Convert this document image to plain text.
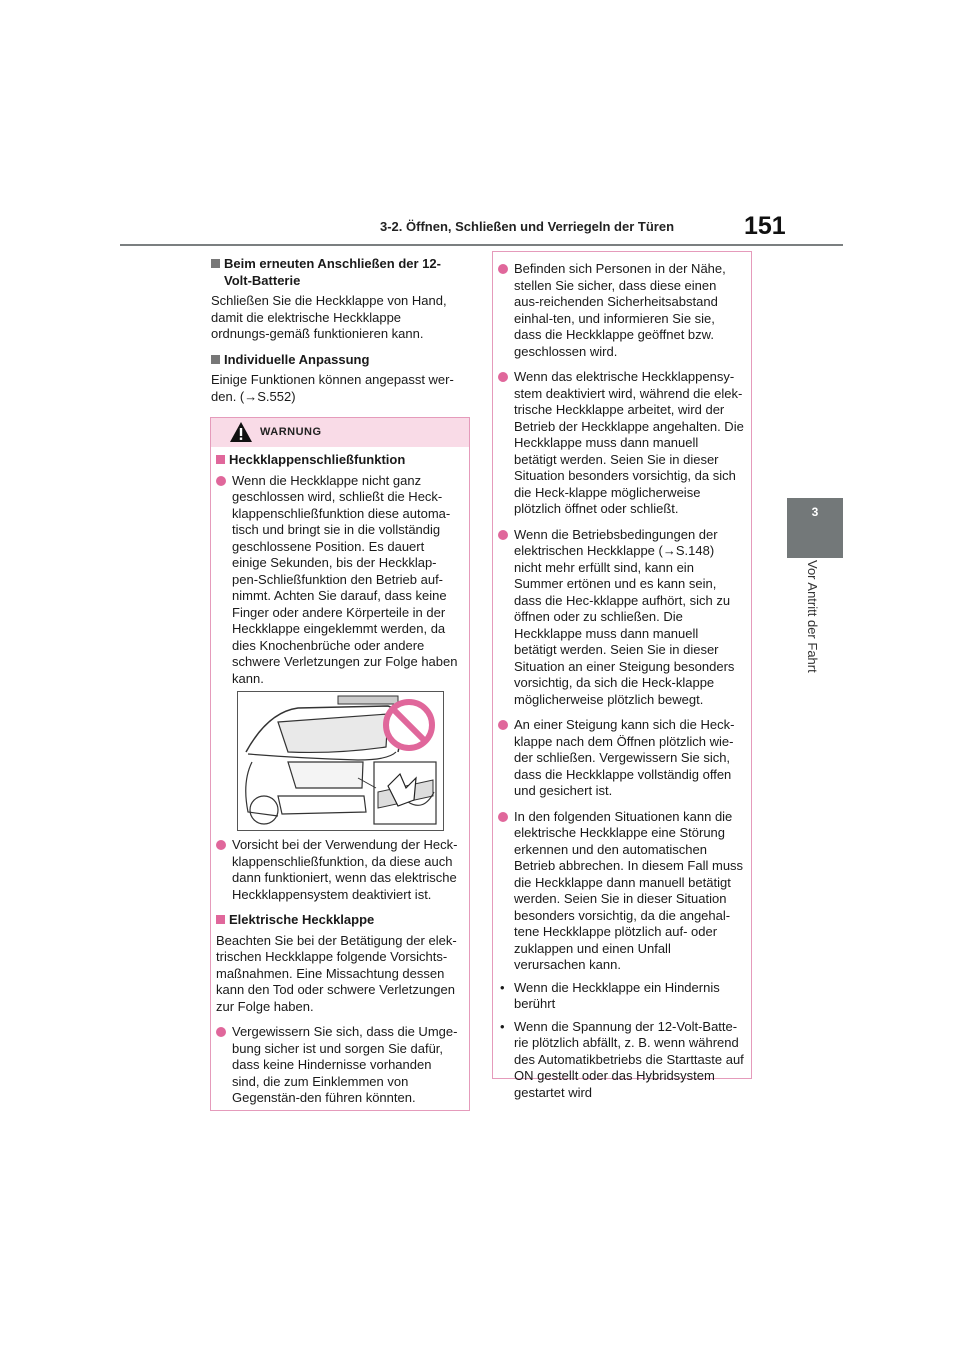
3-2. Öffnen, Schließen und Verriegeln der Türen	151
3
Vor Antritt der Fahrt
Beim erneuten Anschließen der 12-Volt-Batterie
Schließen Sie die Heckklappe von Hand, damit die elektrische Heckklappe ordnungs-gemäß funktionieren kann.
Individuelle Anpassung
Einige Funktionen können angepasst wer-den. (→S.552)
WARNUNG
Heckklappenschließfunktion
Wenn die Heckklappe nicht ganz geschlossen wird, schließt die Heck-klappenschließfunktion diese automa-tisch und bringt sie in die vollständig geschlossene Position. Es dauert einige Sekunden, bis der Heckklap-pen-Schließfunktion den Betrieb auf-nimmt. Achten Sie darauf, dass keine Finger oder andere Körperteile in der Heckklappe eingeklemmt werden, da dies Knochenbrüche oder andere schwere Verletzungen zur Folge haben kann.
Vorsicht bei der Verwendung der Heck-klappenschließfunktion, da diese auch dann funktioniert, wenn das elektrische Heckklappensystem deaktiviert ist.
Elektrische Heckklappe
Beachten Sie bei der Betätigung der elek-trischen Heckklappe folgende Vorsichts-maßnahmen. Eine Missachtung dessen kann den Tod oder schwere Verletzungen zur Folge haben.
Vergewissern Sie sich, dass die Umge-bung sicher ist und sorgen Sie dafür, dass keine Hindernisse vorhanden sind, die zum Einklemmen von Gegenstän-den führen könnten.
Befinden sich Personen in der Nähe, stellen Sie sicher, dass diese einen aus-reichenden Sicherheitsabstand einhal-ten, und informieren Sie sie, dass die Heckklappe geöffnet bzw. geschlossen wird.
Wenn das elektrische Heckklappensy-stem deaktiviert wird, während die elek-trische Heckklappe arbeitet, wird der Betrieb der Heckklappe angehalten. Die Heckklappe muss dann manuell betätigt werden. Seien Sie in dieser Situation besonders vorsichtig, da sich die Heck-klappe möglicherweise plötzlich öffnet oder schließt.
Wenn die Betriebsbedingungen der elektrischen Heckklappe (→S.148) nicht mehr erfüllt sind, kann ein Summer ertönen und es kann sein, dass die Hec-kklappe aufhört, sich zu öffnen oder zu schließen. Die Heckklappe muss dann manuell betätigt werden. Seien Sie in dieser Situation an einer Steigung besonders vorsichtig, da sich die Heck-klappe möglicherweise plötzlich bewegt.
An einer Steigung kann sich die Heck-klappe nach dem Öffnen plötzlich wie-der schließen. Vergewissern Sie sich, dass die Heckklappe vollständig offen und gesichert ist.
In den folgenden Situationen kann die elektrische Heckklappe eine Störung erkennen und den automatischen Betrieb abbrechen. In diesem Fall muss die Heckklappe dann manuell betätigt werden. Seien Sie in dieser Situation besonders vorsichtig, da die angehal-tene Heckklappe plötzlich auf- oder zuklappen und einen Unfall verursachen kann.
• Wenn die Heckklappe ein Hindernis berührt
• Wenn die Spannung der 12-Volt-Batte-rie plötzlich abfällt, z. B. wenn während des Automatikbetriebs die Starttaste auf ON gestellt oder das Hybridsystem gestartet wird
